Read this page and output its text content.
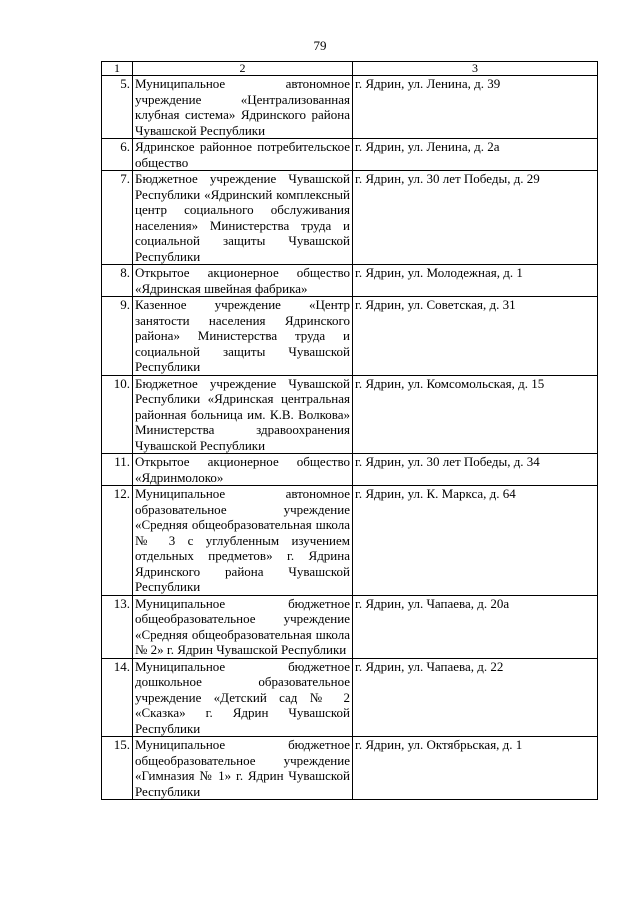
79
1	2	3
5.	Муниципальное автономное учреждение «Централизованная клубная система» Ядринского района Чувашской Республики	г. Ядрин, ул. Ленина, д. 39
6.	Ядринское районное потребительское общество	г. Ядрин, ул. Ленина, д. 2а
7.	Бюджетное учреждение Чувашской Республики «Ядринский комплексный центр социального обслуживания населения» Министерства труда и социальной защиты Чувашской Республики	г. Ядрин, ул. 30 лет Победы, д. 29
8.	Открытое акционерное общество «Ядринская швейная фабрика»	г. Ядрин, ул. Молодежная, д. 1
9.	Казенное учреждение «Центр занятости населения Ядринского района» Министерства труда и социальной защиты Чувашской Республики	г. Ядрин, ул. Советская, д. 31
10.	Бюджетное учреждение Чувашской Республики «Ядринская центральная районная больница им. К.В. Волкова» Министерства здравоохранения Чувашской Республики	г. Ядрин, ул. Комсомольская, д. 15
11.	Открытое акционерное общество «Ядринмолоко»	г. Ядрин, ул. 30 лет Победы, д. 34
12.	Муниципальное автономное образовательное учреждение «Средняя общеобразовательная школа № 3 с углубленным изучением отдельных предметов» г. Ядрина Ядринского района Чувашской Республики	г. Ядрин, ул. К. Маркса, д. 64
13.	Муниципальное бюджетное общеобразовательное учреждение «Средняя общеобразовательная школа № 2» г. Ядрин Чувашской Республики	г. Ядрин, ул. Чапаева, д. 20а
14.	Муниципальное бюджетное дошкольное образовательное учреждение «Детский сад № 2 «Сказка» г. Ядрин Чувашской Республики	г. Ядрин, ул. Чапаева, д. 22
15.	Муниципальное бюджетное общеобразовательное учреждение «Гимназия № 1» г. Ядрин Чувашской Республики	г. Ядрин, ул. Октябрьская, д. 1
